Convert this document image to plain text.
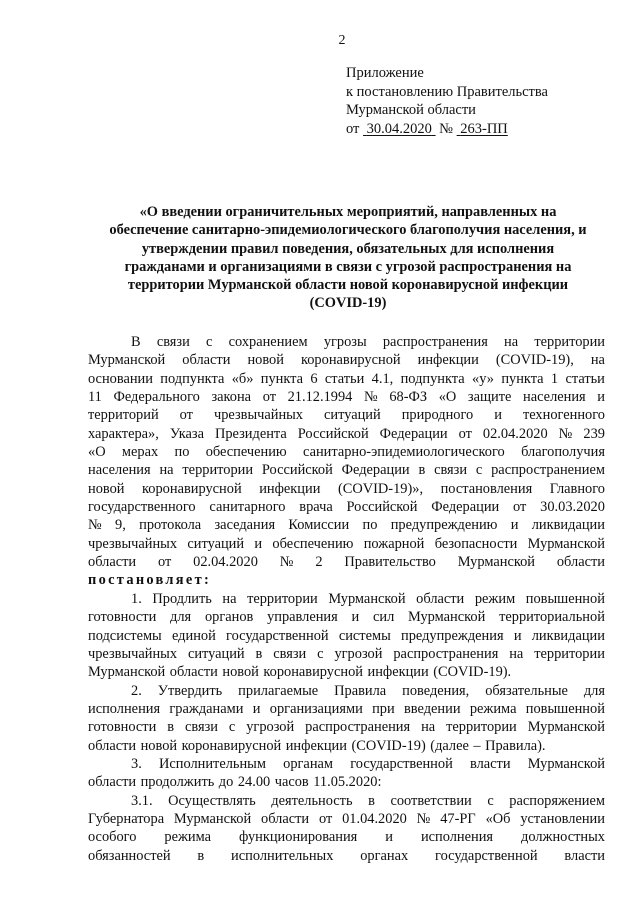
2
Приложение
к постановлению Правительства
Мурманской области
от 30.04.2020 № 263-ПП
«О введении ограничительных мероприятий, направленных на
обеспечение санитарно-эпидемиологического благополучия населения, и
утверждении правил поведения, обязательных для исполнения
гражданами и организациями в связи с угрозой распространения на
территории Мурманской области новой коронавирусной инфекции
(COVID-19)
В связи с сохранением угрозы распространения на территории
Мурманской области новой коронавирусной инфекции (COVID-19), на
основании подпункта «б» пункта 6 статьи 4.1, подпункта «у» пункта 1 статьи
11 Федерального закона от 21.12.1994 № 68-ФЗ «О защите населения и
территорий от чрезвычайных ситуаций природного и техногенного
характера», Указа Президента Российской Федерации от 02.04.2020 № 239
«О мерах по обеспечению санитарно-эпидемиологического благополучия
населения на территории Российской Федерации в связи с распространением
новой коронавирусной инфекции (COVID-19)», постановления Главного
государственного санитарного врача Российской Федерации от 30.03.2020
№ 9, протокола заседания Комиссии по предупреждению и ликвидации
чрезвычайных ситуаций и обеспечению пожарной безопасности Мурманской
области от 02.04.2020 № 2 Правительство Мурманской области
постановляет:
1. Продлить на территории Мурманской области режим повышенной
готовности для органов управления и сил Мурманской территориальной
подсистемы единой государственной системы предупреждения и ликвидации
чрезвычайных ситуаций в связи с угрозой распространения на территории
Мурманской области новой коронавирусной инфекции (COVID-19).
2. Утвердить прилагаемые Правила поведения, обязательные для
исполнения гражданами и организациями при введении режима повышенной
готовности в связи с угрозой распространения на территории Мурманской
области новой коронавирусной инфекции (COVID-19) (далее – Правила).
3. Исполнительным органам государственной власти Мурманской
области продолжить до 24.00 часов 11.05.2020:
3.1. Осуществлять деятельность в соответствии с распоряжением
Губернатора Мурманской области от 01.04.2020 № 47-РГ «Об установлении
особого режима функционирования и исполнения должностных
обязанностей в исполнительных органах государственной власти
